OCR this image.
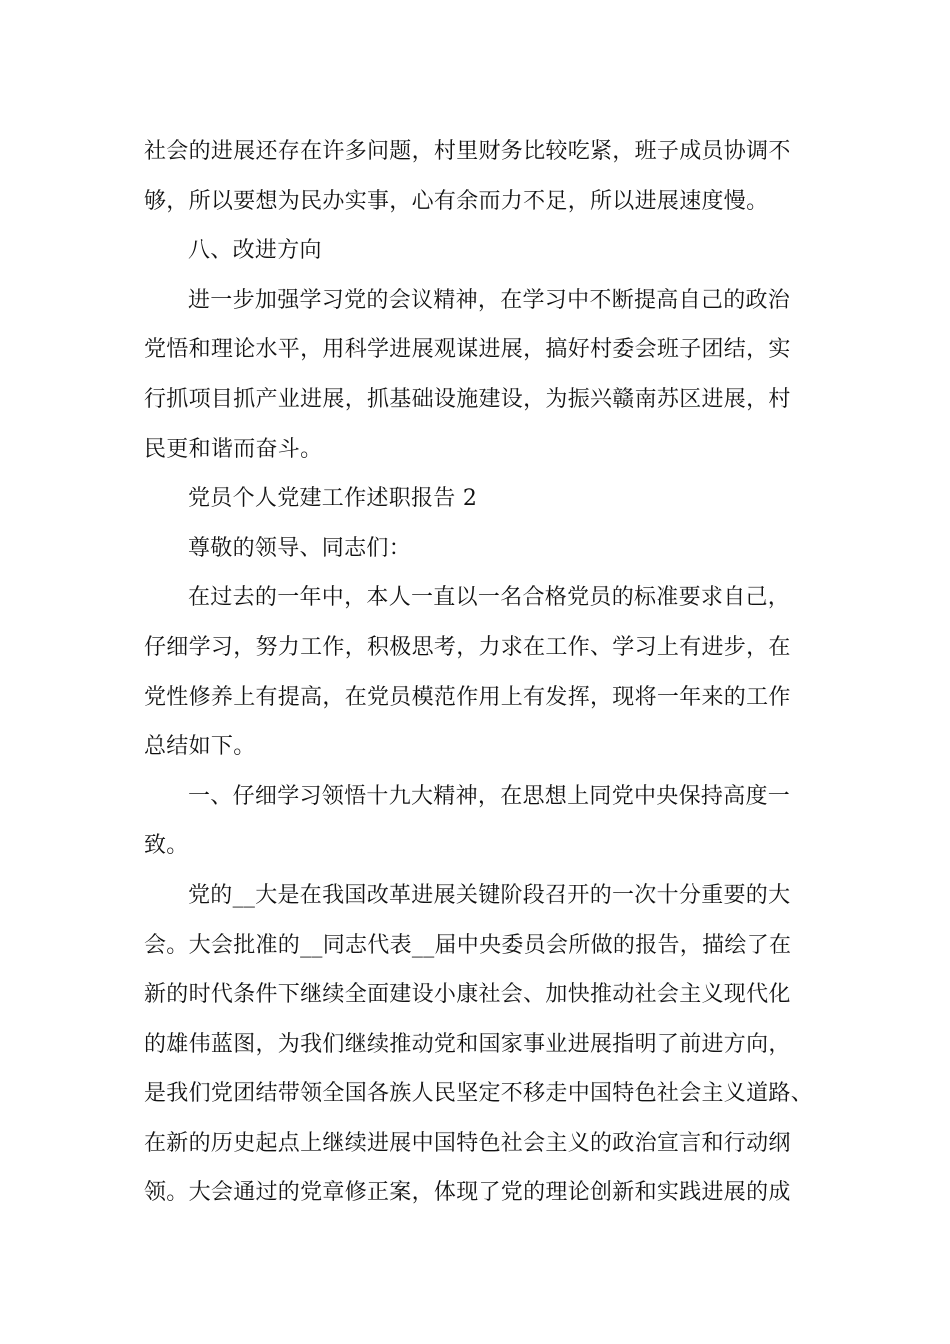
社会的进展还存在许多问题，村里财务比较吃紧，班子成员协调不
够，所以要想为民办实事，心有余而力不足，所以进展速度慢。
八、改进方向
进一步加强学习党的会议精神，在学习中不断提高自己的政治
党悟和理论水平，用科学进展观谋进展，搞好村委会班子团结，实
行抓项目抓产业进展，抓基础设施建设，为振兴赣南苏区进展，村
民更和谐而奋斗。
党员个人党建工作述职报告 2
尊敬的领导、同志们：
在过去的一年中，本人一直以一名合格党员的标准要求自己，
仔细学习，努力工作，积极思考，力求在工作、学习上有进步，在
党性修养上有提高，在党员模范作用上有发挥，现将一年来的工作
总结如下。
一、仔细学习领悟十九大精神，在思想上同党中央保持高度一
致。
党的__大是在我国改革进展关键阶段召开的一次十分重要的大
会。大会批准的__同志代表__届中央委员会所做的报告，描绘了在
新的时代条件下继续全面建设小康社会、加快推动社会主义现代化
的雄伟蓝图，为我们继续推动党和国家事业进展指明了前进方向，
是我们党团结带领全国各族人民坚定不移走中国特色社会主义道路、
在新的历史起点上继续进展中国特色社会主义的政治宣言和行动纲
领。大会通过的党章修正案，体现了党的理论创新和实践进展的成
